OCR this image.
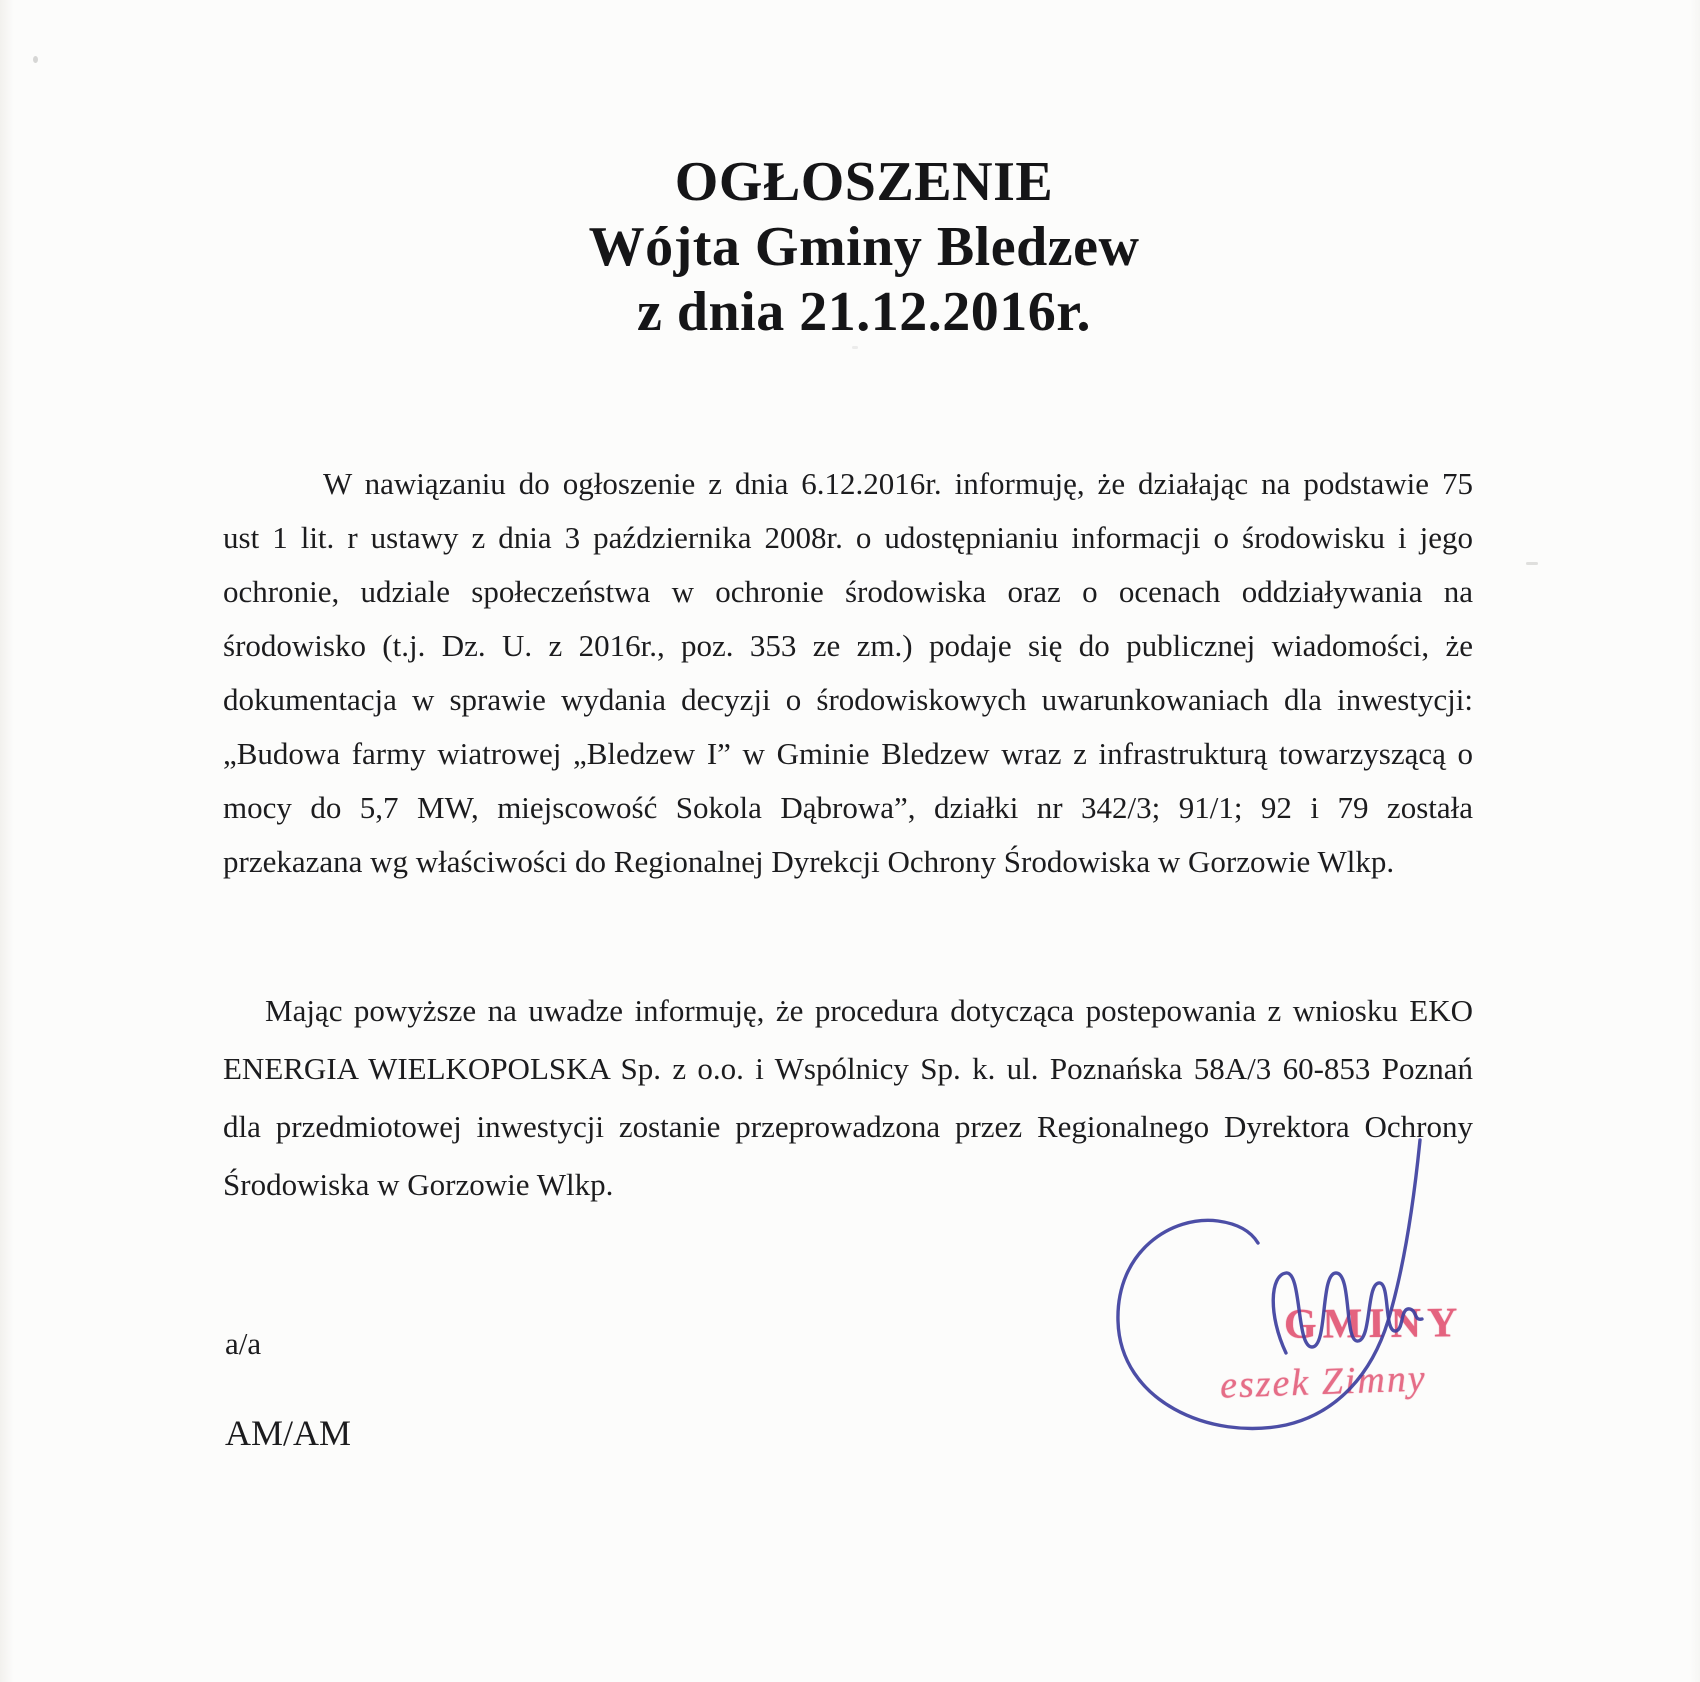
OGŁOSZENIE
Wójta Gminy Bledzew
z dnia 21.12.2016r.
W nawiązaniu do ogłoszenie z dnia 6.12.2016r. informuję, że działając na podstawie 75
ust 1 lit. r ustawy z dnia 3 października 2008r. o udostępnianiu informacji o środowisku i jego
ochronie, udziale społeczeństwa w ochronie środowiska oraz o ocenach oddziaływania na
środowisko (t.j. Dz. U. z 2016r., poz. 353 ze zm.) podaje się do publicznej wiadomości, że
dokumentacja w sprawie wydania decyzji o środowiskowych uwarunkowaniach dla inwestycji:
„Budowa farmy wiatrowej „Bledzew I” w Gminie Bledzew wraz z infrastrukturą towarzyszącą o
mocy do 5,7 MW, miejscowość Sokola Dąbrowa”, działki nr 342/3; 91/1; 92 i 79 została
przekazana wg właściwości do Regionalnej Dyrekcji Ochrony Środowiska w Gorzowie Wlkp.
Mając powyższe na uwadze informuję, że procedura dotycząca postepowania z wniosku EKO
ENERGIA WIELKOPOLSKA Sp. z o.o. i Wspólnicy Sp. k. ul. Poznańska 58A/3 60-853 Poznań
dla przedmiotowej inwestycji zostanie przeprowadzona przez Regionalnego Dyrektora Ochrony
Środowiska w Gorzowie Wlkp.
a/a
AM/AM
GMINY
eszek Zimny
